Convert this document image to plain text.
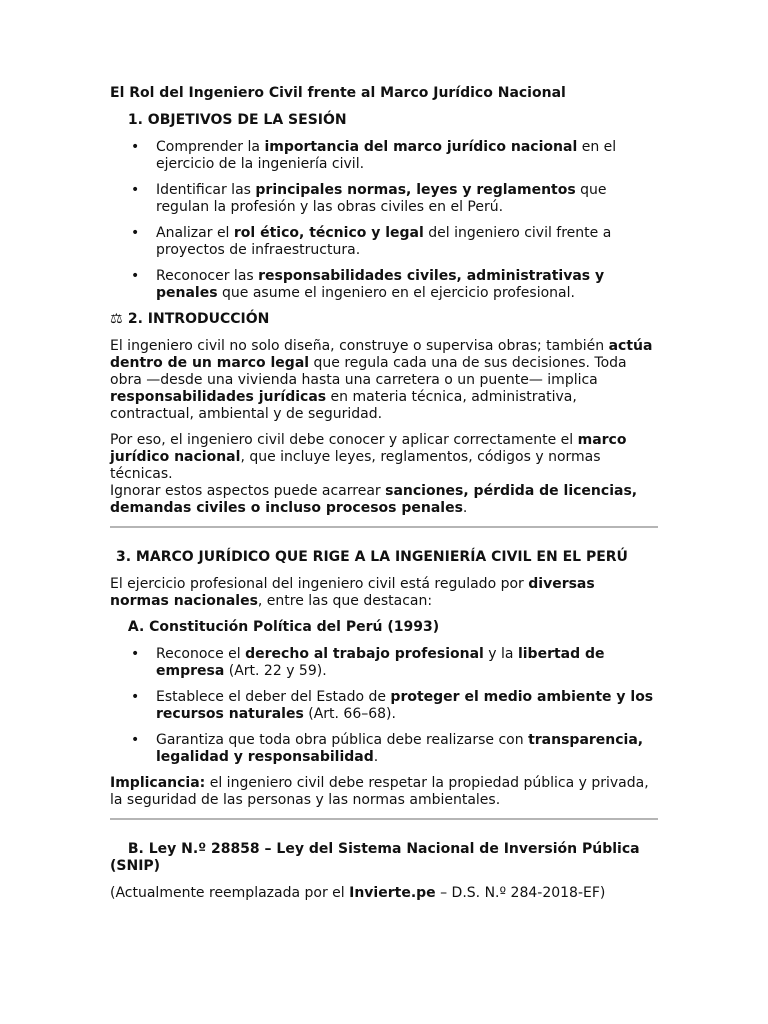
El Rol del Ingeniero Civil frente al Marco Jurídico Nacional
1. OBJETIVOS DE LA SESIÓN
• Comprender la importancia del marco jurídico nacional en el ejercicio de la ingeniería civil.
• Identificar las principales normas, leyes y reglamentos que regulan la profesión y las obras civiles en el Perú.
• Analizar el rol ético, técnico y legal del ingeniero civil frente a proyectos de infraestructura.
• Reconocer las responsabilidades civiles, administrativas y penales que asume el ingeniero en el ejercicio profesional.
⚖ 2. INTRODUCCIÓN

El ingeniero civil no solo diseña, construye o supervisa obras; también actúa dentro de un marco legal que regula cada una de sus decisiones. Toda obra —desde una vivienda hasta una carretera o un puente— implica responsabilidades jurídicas en materia técnica, administrativa, contractual, ambiental y de seguridad.

Por eso, el ingeniero civil debe conocer y aplicar correctamente el marco jurídico nacional, que incluye leyes, reglamentos, códigos y normas técnicas.
Ignorar estos aspectos puede acarrear sanciones, pérdida de licencias, demandas civiles o incluso procesos penales.

3. MARCO JURÍDICO QUE RIGE A LA INGENIERÍA CIVIL EN EL PERÚ

El ejercicio profesional del ingeniero civil está regulado por diversas normas nacionales, entre las que destacan:

A. Constitución Política del Perú (1993)
• Reconoce el derecho al trabajo profesional y la libertad de empresa (Art. 22 y 59).
• Establece el deber del Estado de proteger el medio ambiente y los recursos naturales (Art. 66–68).
• Garantiza que toda obra pública debe realizarse con transparencia, legalidad y responsabilidad.

Implicancia: el ingeniero civil debe respetar la propiedad pública y privada, la seguridad de las personas y las normas ambientales.

B. Ley N.º 28858 – Ley del Sistema Nacional de Inversión Pública (SNIP)

(Actualmente reemplazada por el Invierte.pe – D.S. N.º 284-2018-EF)
